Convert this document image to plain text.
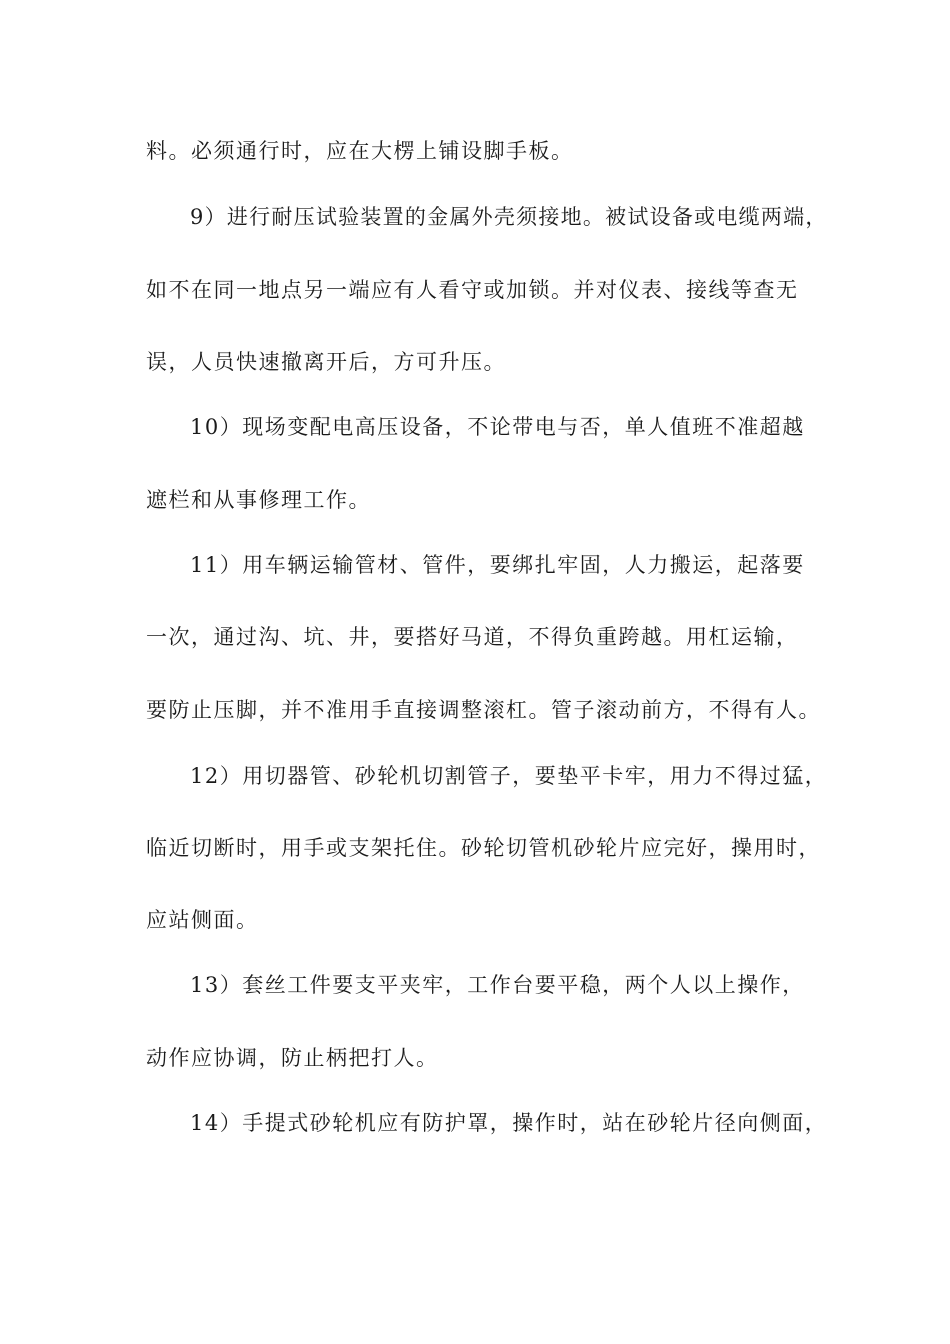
料。必须通行时，应在大楞上铺设脚手板。
9）进行耐压试验装置的金属外壳须接地。被试设备或电缆两端，
如不在同一地点另一端应有人看守或加锁。并对仪表、接线等查无
误，人员快速撤离开后，方可升压。
10）现场变配电高压设备，不论带电与否，单人值班不准超越
遮栏和从事修理工作。
11）用车辆运输管材、管件，要绑扎牢固，人力搬运，起落要
一次，通过沟、坑、井，要搭好马道，不得负重跨越。用杠运输，
要防止压脚，并不准用手直接调整滚杠。管子滚动前方，不得有人。
12）用切器管、砂轮机切割管子，要垫平卡牢，用力不得过猛，
临近切断时，用手或支架托住。砂轮切管机砂轮片应完好，操用时，
应站侧面。
13）套丝工件要支平夹牢，工作台要平稳，两个人以上操作，
动作应协调，防止柄把打人。
14）手提式砂轮机应有防护罩，操作时，站在砂轮片径向侧面，
